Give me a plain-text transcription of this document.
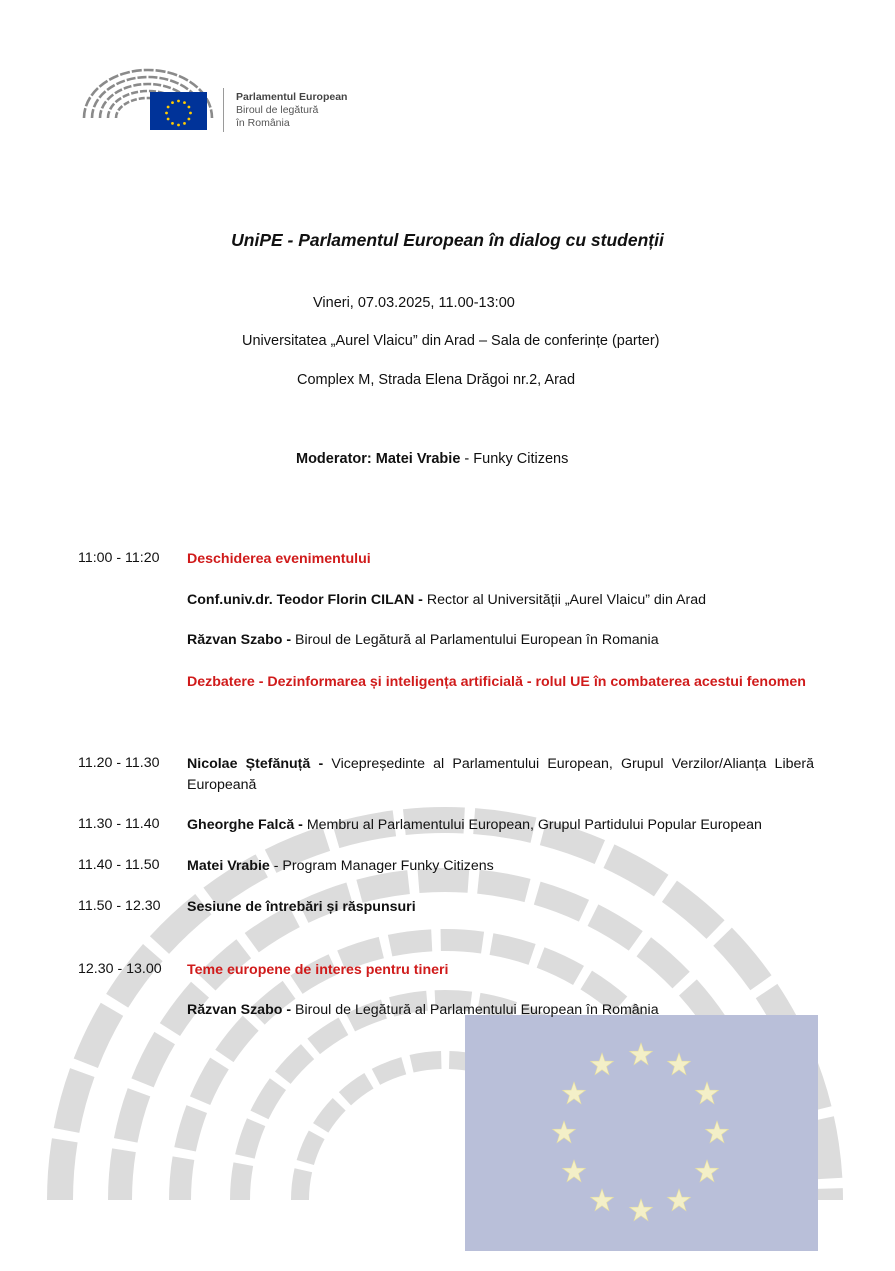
Parlamentul European
Biroul de legătură
în România
UniPE - Parlamentul European în dialog cu studenții
Vineri, 07.03.2025, 11.00-13:00
Universitatea „Aurel Vlaicu” din Arad – Sala de conferințe (parter)
Complex M, Strada Elena Drăgoi nr.2, Arad
Moderator: Matei Vrabie - Funky Citizens
11:00 - 11:20 Deschiderea evenimentului
Conf.univ.dr. Teodor Florin CILAN - Rector al Universității „Aurel Vlaicu” din Arad
Răzvan Szabo - Biroul de Legătură al Parlamentului European în Romania
Dezbatere - Dezinformarea și inteligența artificială - rolul UE în combaterea acestui fenomen
11.20 - 11.30 Nicolae Ștefănuță - Vicepreședinte al Parlamentului European, Grupul Verzilor/Alianța Liberă Europeană
11.30 - 11.40 Gheorghe Falcă - Membru al Parlamentului European, Grupul Partidului Popular European
11.40 - 11.50 Matei Vrabie - Program Manager Funky Citizens
11.50 - 12.30 Sesiune de întrebări și răspunsuri
12.30 - 13.00 Teme europene de interes pentru tineri
Răzvan Szabo - Biroul de Legătură al Parlamentului European în România
